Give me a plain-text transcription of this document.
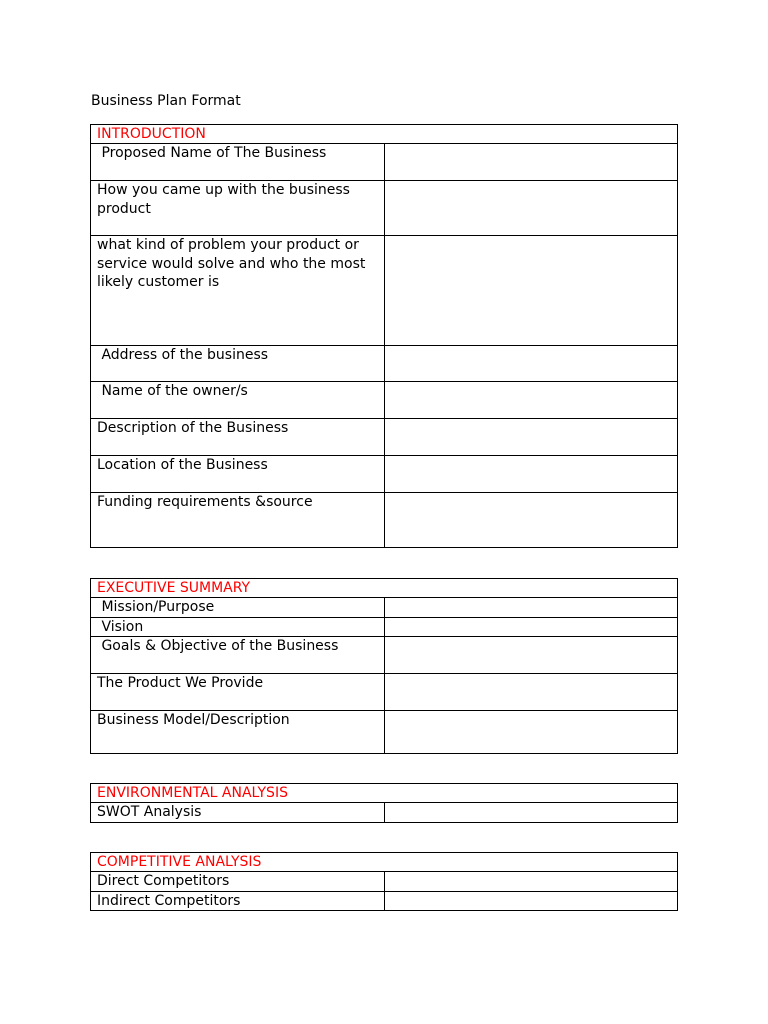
Business Plan Format
INTRODUCTION	
Proposed Name of The Business	
How you came up with the business product	
what kind of problem your product or service would solve and who the most likely customer is	
Address of the business	
Name of the owner/s	
Description of the Business	
Location of the Business	
Funding requirements &source	
EXECUTIVE SUMMARY	
Mission/Purpose	
Vision	
Goals & Objective of the Business	
The Product We Provide	
Business Model/Description	
ENVIRONMENTAL ANALYSIS
SWOT Analysis	
COMPETITIVE ANALYSIS	
Direct Competitors	
Indirect Competitors	
